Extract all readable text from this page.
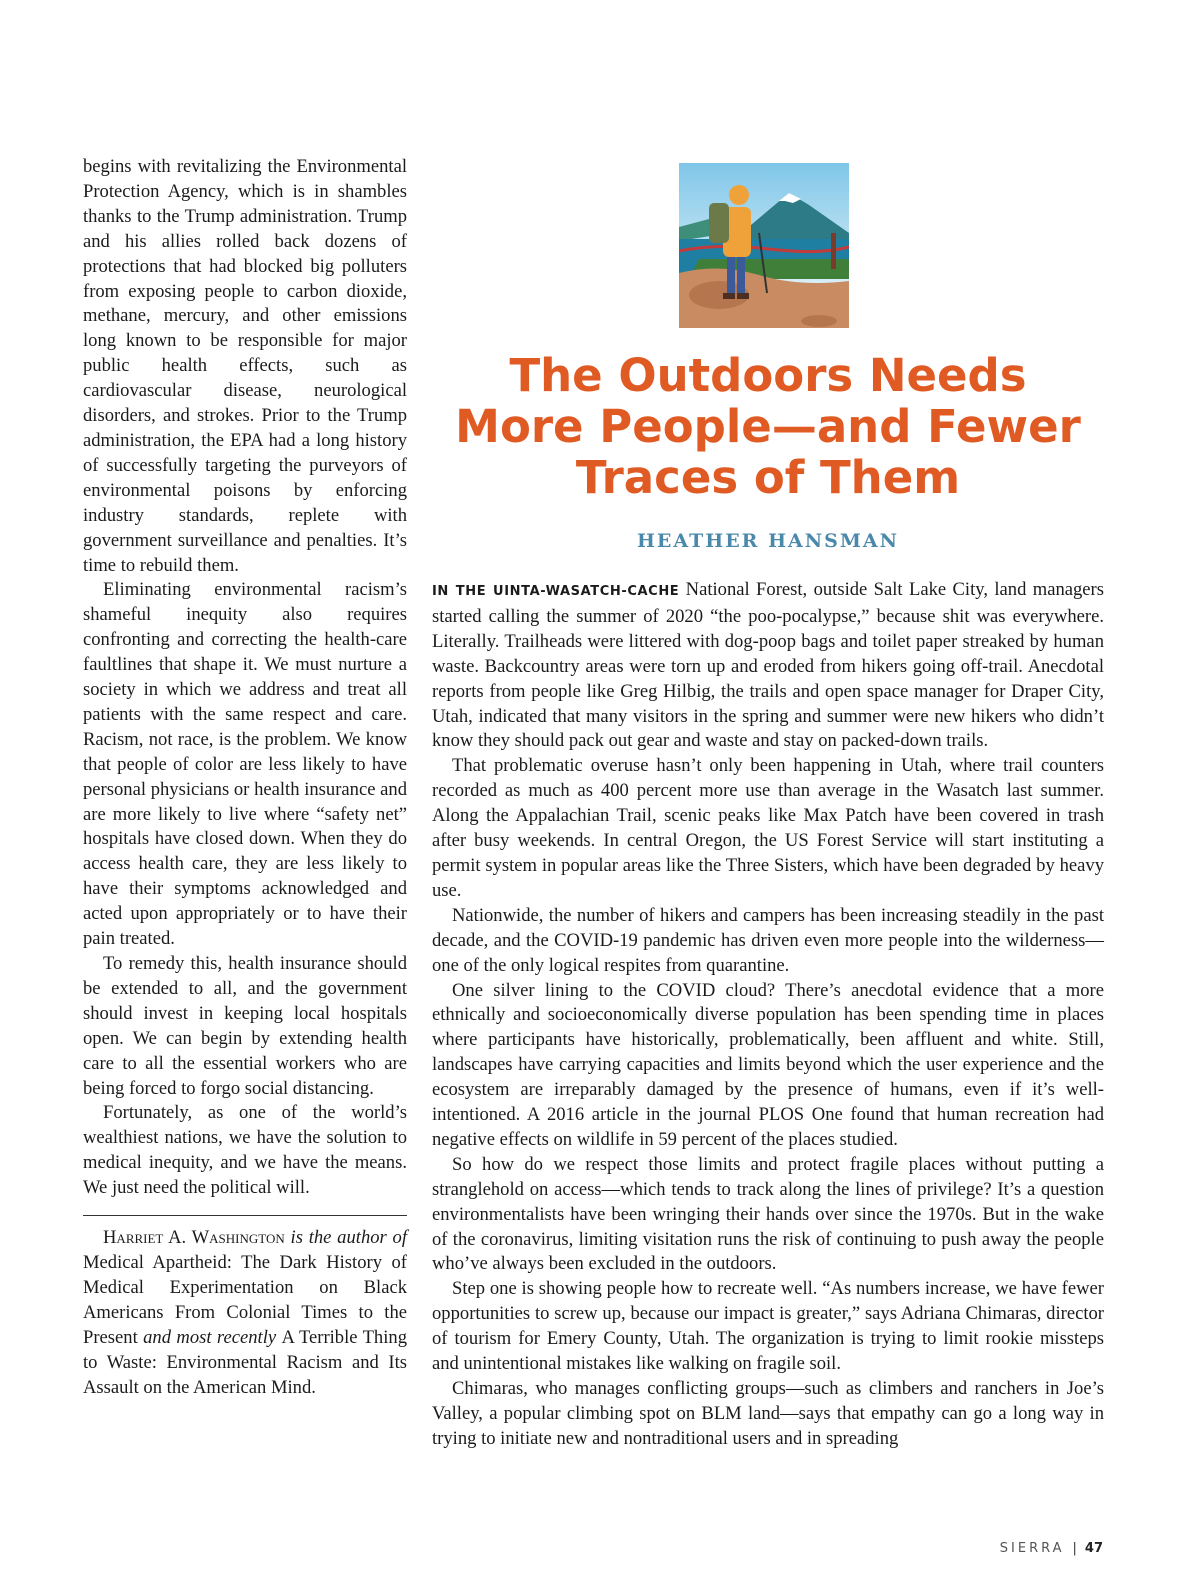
begins with revitalizing the Environmental Protection Agency, which is in shambles thanks to the Trump administration. Trump and his allies rolled back dozens of protections that had blocked big polluters from exposing people to carbon dioxide, methane, mercury, and other emissions long known to be responsible for major public health effects, such as cardiovascular disease, neurological disorders, and strokes. Prior to the Trump administration, the EPA had a long history of successfully targeting the purveyors of environmental poisons by enforcing industry standards, replete with government surveillance and penalties. It’s time to rebuild them.

Eliminating environmental racism’s shameful inequity also requires confronting and correcting the health-care faultlines that shape it. We must nurture a society in which we address and treat all patients with the same respect and care. Racism, not race, is the problem. We know that people of color are less likely to have personal physicians or health insurance and are more likely to live where “safety net” hospitals have closed down. When they do access health care, they are less likely to have their symptoms acknowledged and acted upon appropriately or to have their pain treated.

To remedy this, health insurance should be extended to all, and the government should invest in keeping local hospitals open. We can begin by extending health care to all the essential workers who are being forced to forgo social distancing.

Fortunately, as one of the world’s wealthiest nations, we have the solution to medical inequity, and we have the means. We just need the political will.

Harriet A. Washington is the author of Medical Apartheid: The Dark History of Medical Experimentation on Black Americans From Colonial Times to the Present and most recently A Terrible Thing to Waste: Environmental Racism and Its Assault on the American Mind.

The Outdoors Needs
More People—and Fewer
Traces of Them
HEATHER HANSMAN

IN THE UINTA-WASATCH-CACHE National Forest, outside Salt Lake City, land managers started calling the summer of 2020 “the poo-pocalypse,” because shit was everywhere. Literally. Trailheads were littered with dog-poop bags and toilet paper streaked by human waste. Backcountry areas were torn up and eroded from hikers going off-trail. Anecdotal reports from people like Greg Hilbig, the trails and open space manager for Draper City, Utah, indicated that many visitors in the spring and summer were new hikers who didn’t know they should pack out gear and waste and stay on packed-down trails.

That problematic overuse hasn’t only been happening in Utah, where trail counters recorded as much as 400 percent more use than average in the Wasatch last summer. Along the Appalachian Trail, scenic peaks like Max Patch have been covered in trash after busy weekends. In central Oregon, the US Forest Service will start instituting a permit system in popular areas like the Three Sisters, which have been degraded by heavy use.

Nationwide, the number of hikers and campers has been increasing steadily in the past decade, and the COVID-19 pandemic has driven even more people into the wilderness—one of the only logical respites from quarantine.

One silver lining to the COVID cloud? There’s anecdotal evidence that a more ethnically and socioeconomically diverse population has been spending time in places where participants have historically, problematically, been affluent and white. Still, landscapes have carrying capacities and limits beyond which the user experience and the ecosystem are irreparably damaged by the presence of humans, even if it’s well-intentioned. A 2016 article in the journal PLOS One found that human recreation had negative effects on wildlife in 59 percent of the places studied.

So how do we respect those limits and protect fragile places without putting a stranglehold on access—which tends to track along the lines of privilege? It’s a question environmentalists have been wringing their hands over since the 1970s. But in the wake of the coronavirus, limiting visitation runs the risk of continuing to push away the people who’ve always been excluded in the outdoors.

Step one is showing people how to recreate well. “As numbers increase, we have fewer opportunities to screw up, because our impact is greater,” says Adriana Chimaras, director of tourism for Emery County, Utah. The organization is trying to limit rookie missteps and unintentional mistakes like walking on fragile soil.

Chimaras, who manages conflicting groups—such as climbers and ranchers in Joe’s Valley, a popular climbing spot on BLM land—says that empathy can go a long way in trying to initiate new and nontraditional users and in spreading

SIERRA | 47
